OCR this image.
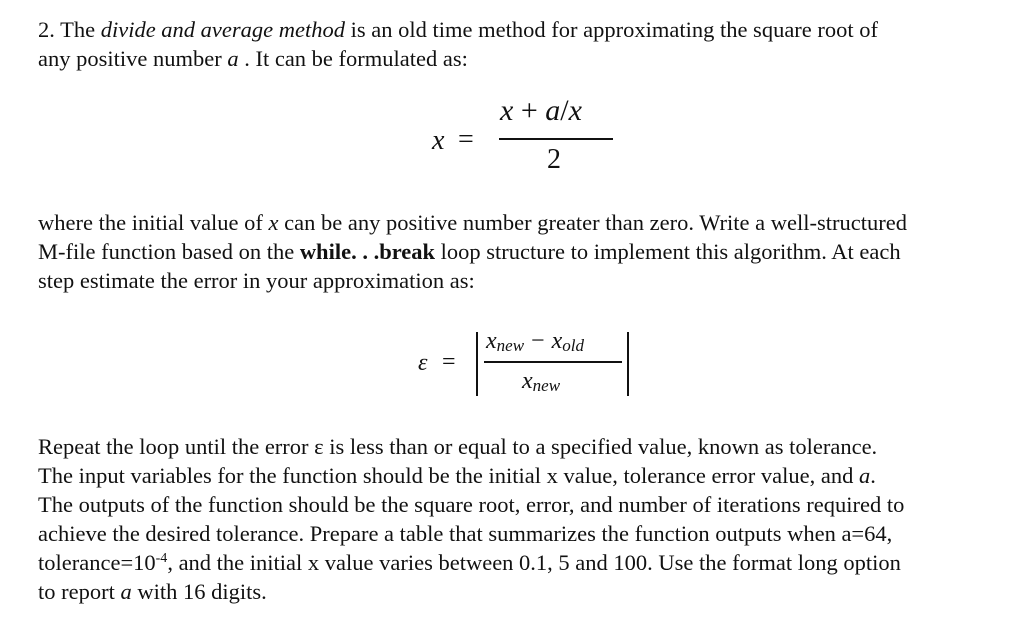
2. The divide and average method is an old time method for approximating the square root of
any positive number a . It can be formulated as:
x =
x + a/x
2
where the initial value of x can be any positive number greater than zero. Write a well-structured
M-file function based on the while. . .break loop structure to implement this algorithm. At each
step estimate the error in your approximation as:
ε =
$x_{new} - x_{old}$
$x_{new}$
Repeat the loop until the error ε is less than or equal to a specified value, known as tolerance.
The input variables for the function should be the initial x value, tolerance error value, and a.
The outputs of the function should be the square root, error, and number of iterations required to
achieve the desired tolerance. Prepare a table that summarizes the function outputs when a=64,
$tolerance=10^{-4}$, and the initial x value varies between 0.1, 5 and 100. Use the format long option
to report a with 16 digits.
